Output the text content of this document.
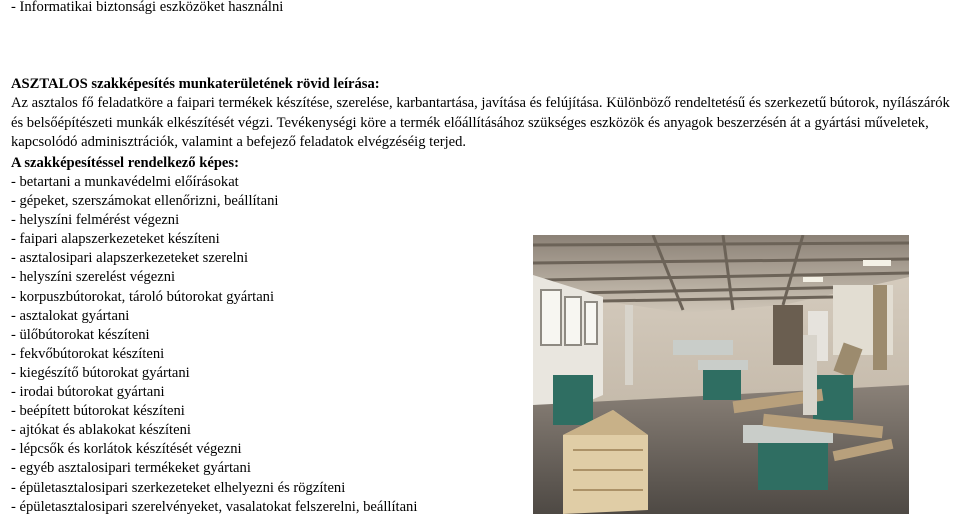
- Informatikai biztonsági eszközöket használni
ASZTALOS szakképesítés munkaterületének rövid leírása:
Az asztalos fő feladatköre a faipari termékek készítése, szerelése, karbantartása, javítása és felújítása. Különböző rendeltetésű és szerkezetű bútorok, nyílászárók és belsőépítészeti munkák elkészítését végzi. Tevékenységi köre a termék előállításához szükséges eszközök és anyagok beszerzésén át a gyártási műveletek, kapcsolódó adminisztrációk, valamint a befejező feladatok elvégzéséig terjed.
A szakképesítéssel rendelkező képes:
- betartani a munkavédelmi előírásokat
- gépeket, szerszámokat ellenőrizni, beállítani
- helyszíni felmérést végezni
- faipari alapszerkezeteket készíteni
- asztalosipari alapszerkezeteket szerelni
- helyszíni szerelést végezni
- korpuszbútorokat, tároló bútorokat gyártani
- asztalokat gyártani
- ülőbútorokat készíteni
- fekvőbútorokat készíteni
- kiegészítő bútorokat gyártani
- irodai bútorokat gyártani
- beépített bútorokat készíteni
- ajtókat és ablakokat készíteni
- lépcsők és korlátok készítését végezni
- egyéb asztalosipari termékeket gyártani
- épületasztalosipari szerkezeteket elhelyezni és rögzíteni
- épületasztalosipari szerelvényeket, vasalatokat felszerelni, beállítani
